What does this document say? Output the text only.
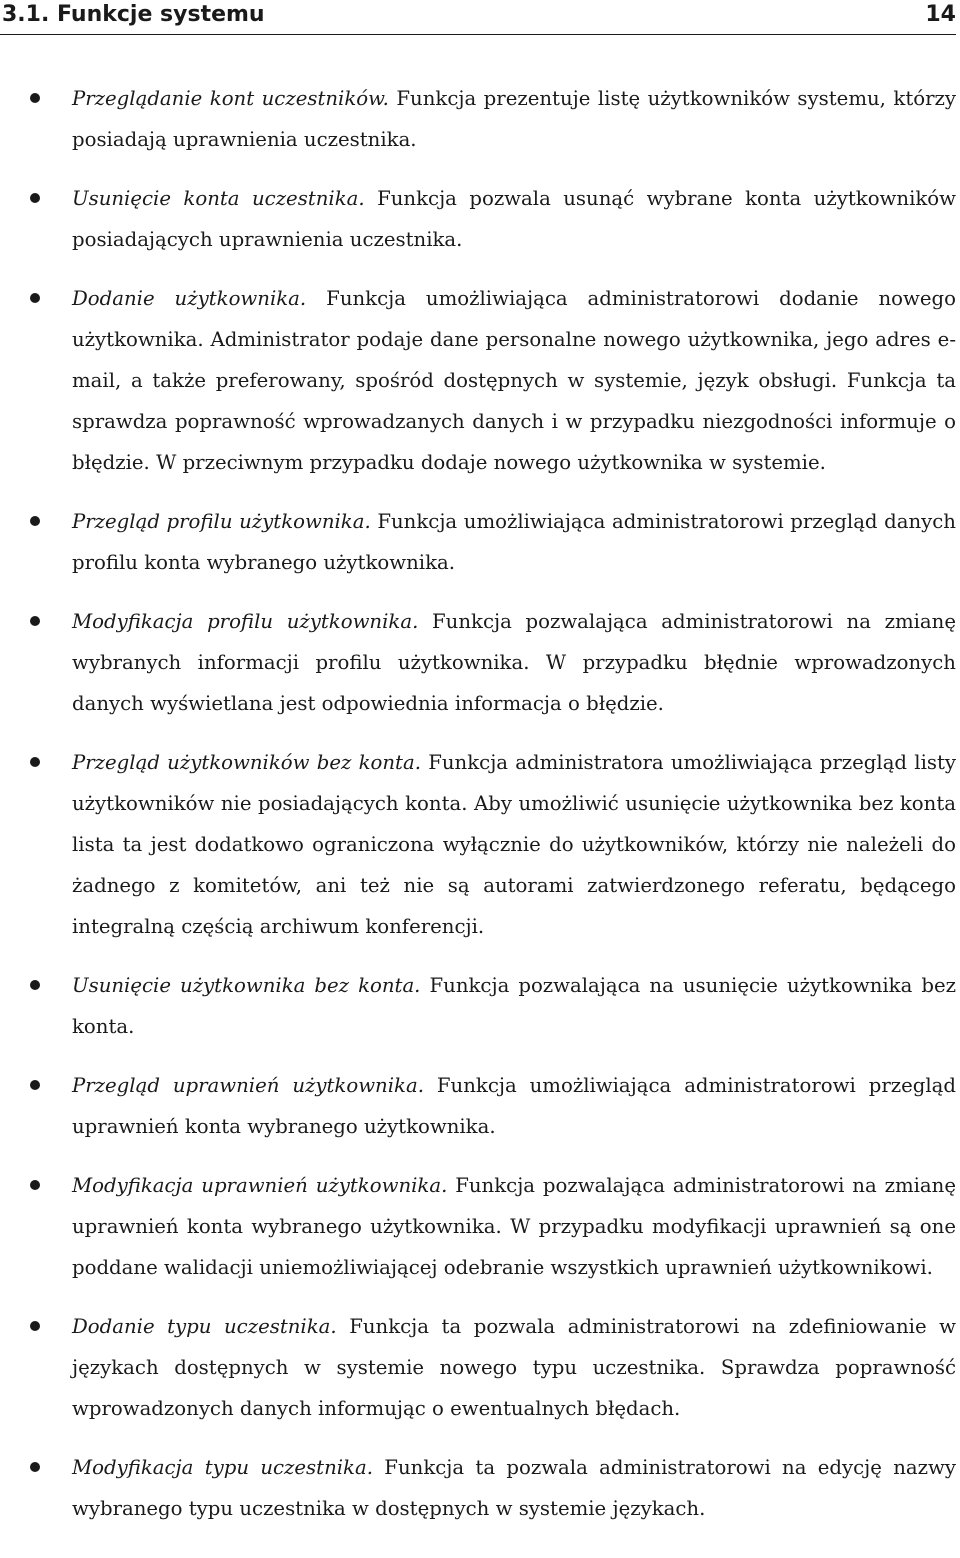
3.1. Funkcje systemu	14
Przeglądanie kont uczestników. Funkcja prezentuje listę użytkowników systemu, którzy posiadają uprawnienia uczestnika.
Usunięcie konta uczestnika. Funkcja pozwala usunąć wybrane konta użytkowników posiadających uprawnienia uczestnika.
Dodanie użytkownika. Funkcja umożliwiająca administratorowi dodanie nowego użytkownika. Administrator podaje dane personalne nowego użytkownika, jego adres e-mail, a także preferowany, spośród dostępnych w systemie, język obsługi. Funkcja ta sprawdza poprawność wprowadzanych danych i w przypadku niezgodności informuje o błędzie. W przeciwnym przypadku dodaje nowego użytkownika w systemie.
Przegląd profilu użytkownika. Funkcja umożliwiająca administratorowi przegląd danych profilu konta wybranego użytkownika.
Modyfikacja profilu użytkownika. Funkcja pozwalająca administratorowi na zmianę wybranych informacji profilu użytkownika. W przypadku błędnie wprowadzonych danych wyświetlana jest odpowiednia informacja o błędzie.
Przegląd użytkowników bez konta. Funkcja administratora umożliwiająca przegląd listy użytkowników nie posiadających konta. Aby umożliwić usunięcie użytkownika bez konta lista ta jest dodatkowo ograniczona wyłącznie do użytkowników, którzy nie należeli do żadnego z komitetów, ani też nie są autorami zatwierdzonego referatu, będącego integralną częścią archiwum konferencji.
Usunięcie użytkownika bez konta. Funkcja pozwalająca na usunięcie użytkownika bez konta.
Przegląd uprawnień użytkownika. Funkcja umożliwiająca administratorowi przegląd uprawnień konta wybranego użytkownika.
Modyfikacja uprawnień użytkownika. Funkcja pozwalająca administratorowi na zmianę uprawnień konta wybranego użytkownika. W przypadku modyfikacji uprawnień są one poddane walidacji uniemożliwiającej odebranie wszystkich uprawnień użytkownikowi.
Dodanie typu uczestnika. Funkcja ta pozwala administratorowi na zdefiniowanie w językach dostępnych w systemie nowego typu uczestnika. Sprawdza poprawność wprowadzonych danych informując o ewentualnych błędach.
Modyfikacja typu uczestnika. Funkcja ta pozwala administratorowi na edycję nazwy wybranego typu uczestnika w dostępnych w systemie językach.
